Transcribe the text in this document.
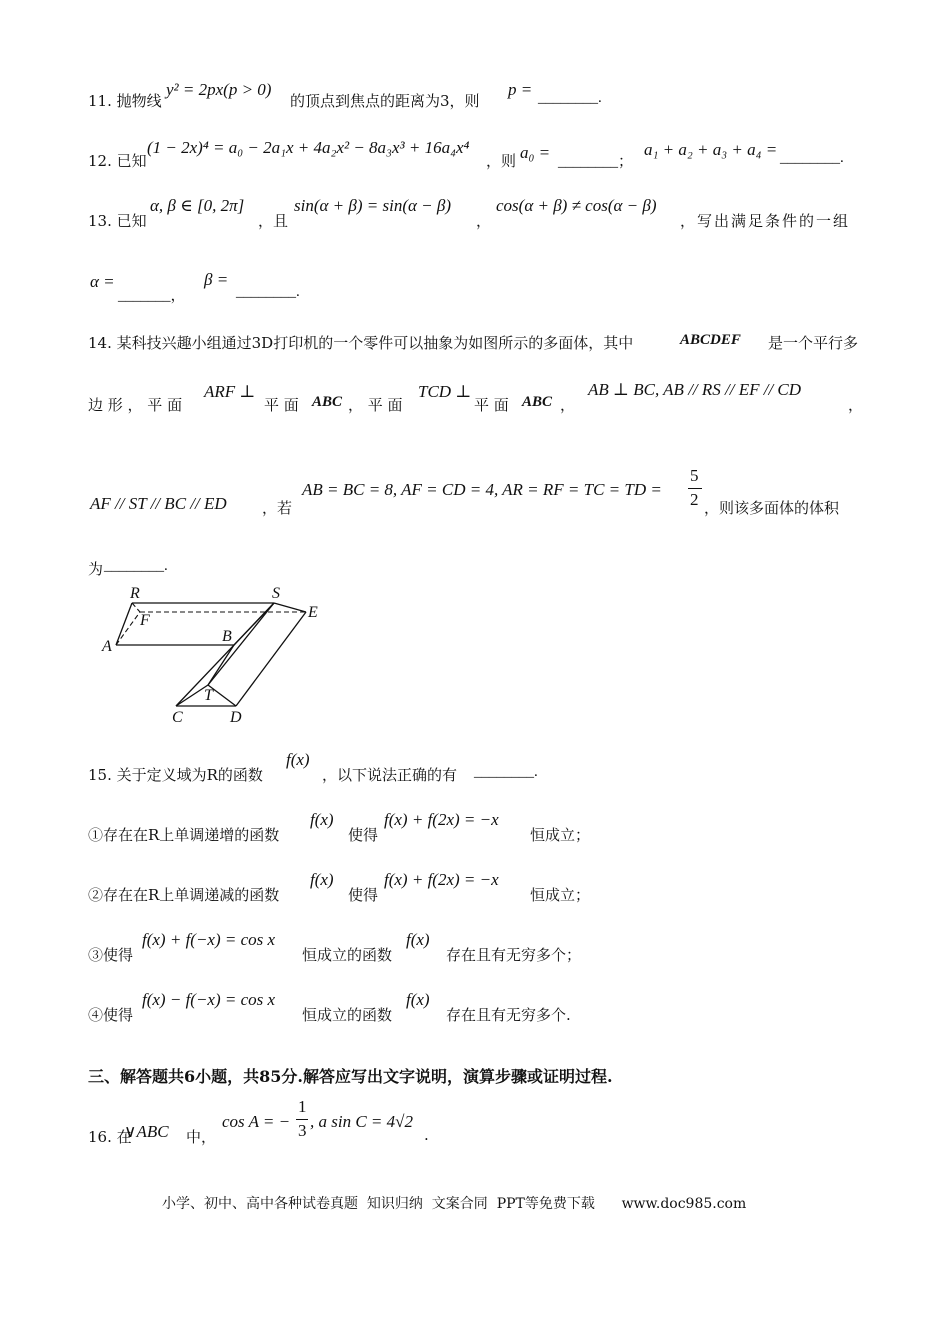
11. 抛物线
y² = 2px(p > 0)
的顶点到焦点的距离为3，则
p = ________.
12. 已知
(1 − 2x)⁴ = a₀ − 2a₁x + 4a₂x² − 8a₃x³ + 16a₄x⁴
，则 a₀ = ________；
a₁ + a₂ + a₃ + a₄ = ________.
13. 已知
α, β ∈ [0, 2π]
，且
sin(α + β) = sin(α − β)
，
cos(α + β) ≠ cos(α − β)
，写出满足条件的一组
α =
_______，
β =
________.
14. 某科技兴趣小组通过3D打印机的一个零件可以抽象为如图所示的多面体，其中	ABCDEF 是一个平行多
边 形 ， 平 面
ARF ⊥
平 面 ABC ， 平 面
TCD ⊥
平 面 ABC ，
AB ⊥ BC, AB // RS // EF // CD
，
AF // ST // BC // ED ，若
AB = BC = 8, AF = CD = 4, AR = RF = TC = TD =
5
2 ，则该多面体的体积
为 ________.
R	S
F	E
A
B
T
C	D
15. 关于定义域为R的函数
f(x)
，以下说法正确的有 ________.
①存在在R上单调递增的函数
f(x)
使得
f(x) + f(2x) = −x
恒成立；
②存在在R上单调递减的函数
f(x)
使得
f(x) + f(2x) = −x
恒成立；
③使得
f(x) + f(−x) = cos x
恒成立的函数
f(x)
存在且有无穷多个；
④使得
f(x) − f(−x) = cos x
恒成立的函数
f(x)
存在且有无穷多个.
三、解答题共6小题，共85分.解答应写出文字说明，演算步骤或证明过程.
16. 在
∨ABC 中，
cos A = −
1
3 , a sin C = 4√2
.
小学、初中、高中各种试卷真题  知识归纳  文案合同  PPT等免费下载      www.doc985.com
